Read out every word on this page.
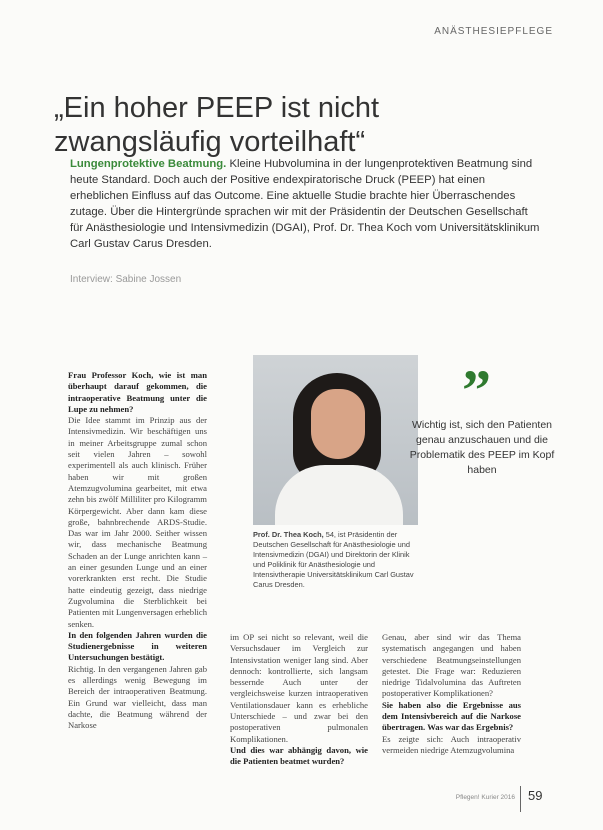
ANÄSTHESIEPFLEGE
„Ein hoher PEEP ist nicht zwangsläufig vorteilhaft“
Lungenprotektive Beatmung. Kleine Hubvolumina in der lungenprotektiven Beatmung sind heute Standard. Doch auch der Positive endexpiratorische Druck (PEEP) hat einen erheblichen Einfluss auf das Outcome. Eine aktuelle Studie brachte hier Überraschendes zutage. Über die Hintergründe sprachen wir mit der Präsidentin der Deutschen Gesellschaft für Anästhesiologie und Intensivmedizin (DGAI), Prof. Dr. Thea Koch vom Universitätsklinikum Carl Gustav Carus Dresden.
Interview: Sabine Jossen

Frau Professor Koch, wie ist man überhaupt darauf gekommen, die intraoperative Beatmung unter die Lupe zu nehmen?

Die Idee stammt im Prinzip aus der Intensivmedizin. Wir beschäftigen uns in meiner Arbeitsgruppe zumal schon seit vielen Jahren – sowohl experimentell als auch klinisch. Früher haben wir mit großen Atemzugvolumina gearbeitet, mit etwa zehn bis zwölf Milliliter pro Kilogramm Körpergewicht. Aber dann kam diese große, bahnbrechende ARDS-Studie. Das war im Jahr 2000. Seither wissen wir, dass mechanische Beatmung Schaden an der Lunge anrichten kann – an einer gesunden Lunge und an einer vorerkrankten erst recht. Die Studie hatte eindeutig gezeigt, dass niedrige Zugvolumina die Sterblichkeit bei Patienten mit Lungenversagen erheblich senken.

In den folgenden Jahren wurden die Studienergebnisse in weiteren Untersuchungen bestätigt.

Richtig. In den vergangenen Jahren gab es allerdings wenig Bewegung im Bereich der intraoperativen Beatmung. Ein Grund war vielleicht, dass man dachte, die Beatmung während der Narkose

Prof. Dr. Thea Koch, 54, ist Präsidentin der Deutschen Gesellschaft für Anästhesiologie und Intensivmedizin (DGAI) und Direktorin der Klinik und Poliklinik für Anästhesiologie und Intensivtherapie Universitätsklinikum Carl Gustav Carus Dresden.
”
Wichtig ist, sich den Patienten genau anzuschauen und die Problematik des PEEP im Kopf haben

im OP sei nicht so relevant, weil die Versuchsdauer im Vergleich zur Intensivstation weniger lang sind. Aber dennoch: kontrollierte, sich langsam bessernde Auch unter der vergleichsweise kurzen intraoperativen Ventilationsdauer kann es erhebliche Unterschiede – und zwar bei den postoperativen pulmonalen Komplikationen.

Und dies war abhängig davon, wie die Patienten beatmet wurden?

Genau, aber sind wir das Thema systematisch angegangen und haben verschiedene Beatmungseinstellungen getestet. Die Frage war: Reduzieren niedrige Tidalvolumina das Auftreten postoperativer Komplikationen?

Sie haben also die Ergebnisse aus dem Intensivbereich auf die Narkose übertragen. Was war das Ergebnis?

Es zeigte sich: Auch intraoperativ vermeiden niedrige Atemzugvolumina

Pflegen! Kurier 2016 59
